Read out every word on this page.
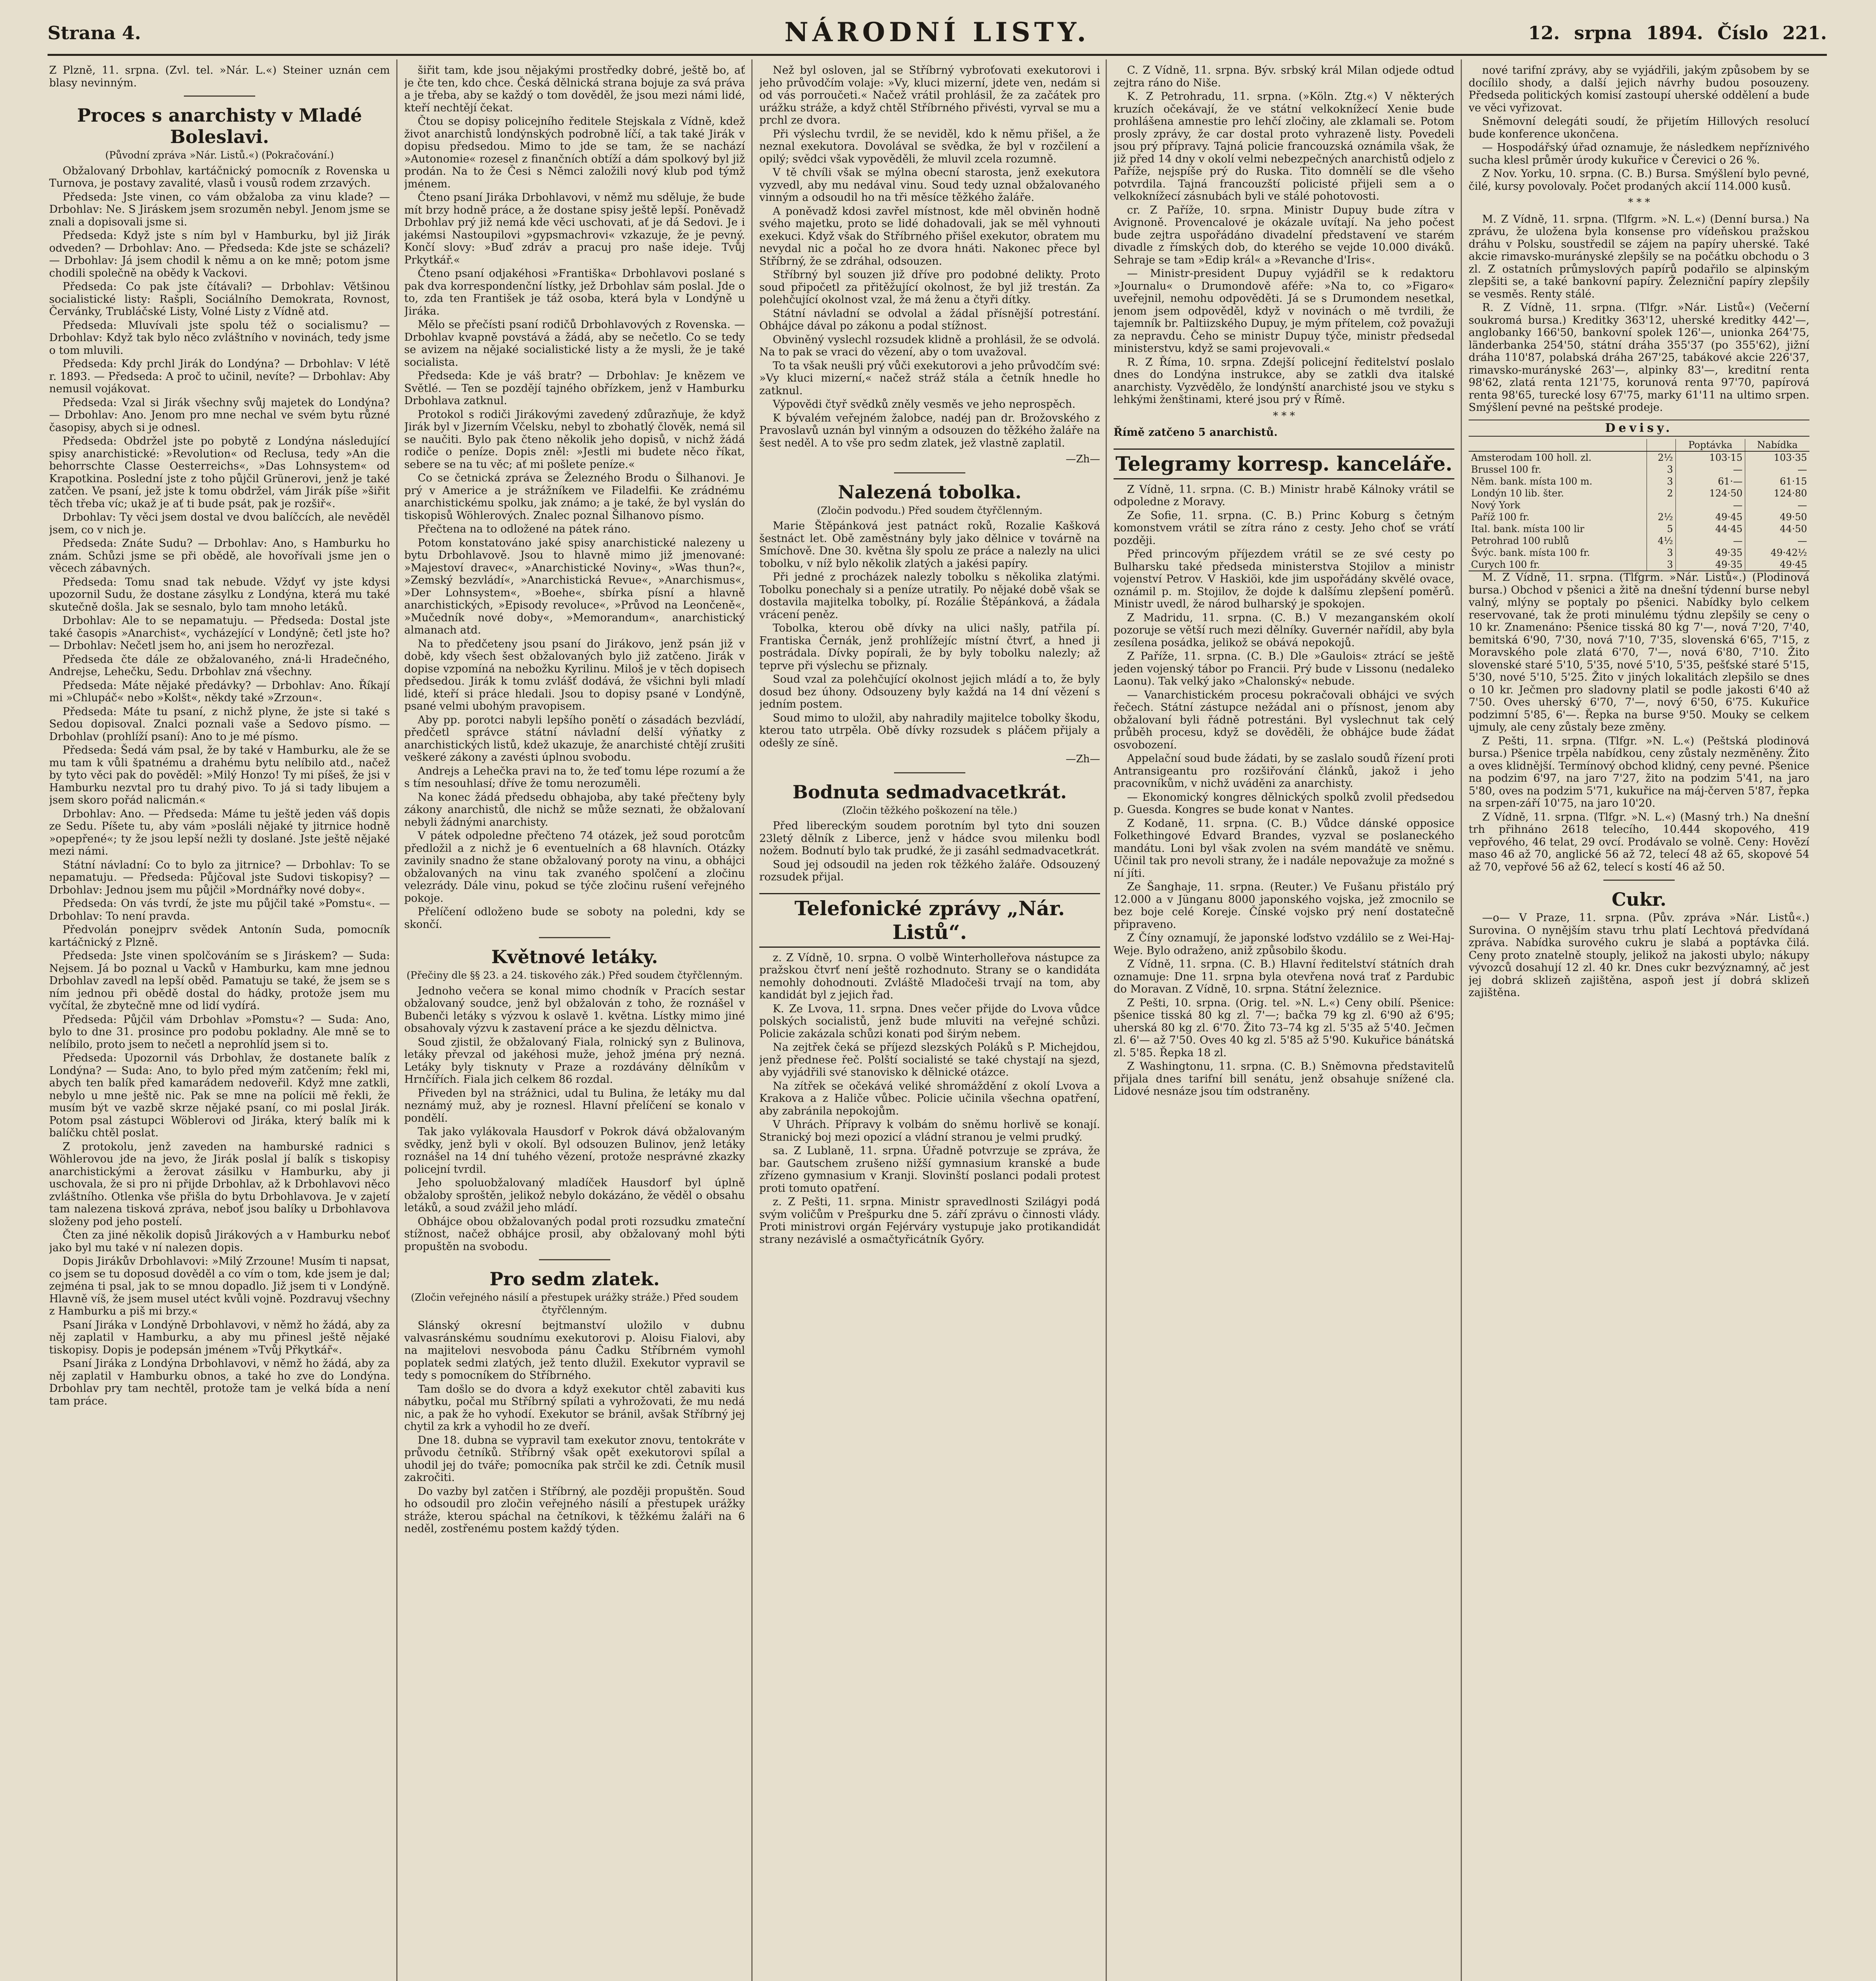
Strana 4.	NÁRODNÍ LISTY.	12. srpna 1894. Číslo 221.

Z Plzně, 11. srpna. (Zvl. tel. »Nár. L.«) Steiner uznán cem blasy nevinným.

Proces s anarchisty v Mladé Boleslavi.
(Původní zpráva »Nár. Listů.«) (Pokračování.)

Obžalovaný Drbohlav, kartáčnický pomocník z Rovenska u Turnova, je postavy zavalité, vlasů i vousů rodem zrzavých.

Předseda: Jste vinen, co vám obžaloba za vinu klade? — Drbohlav: Ne. S Jiráskem jsem srozuměn nebyl. Jenom jsme se znali a dopisovali jsme si.

Předseda: Když jste s ním byl v Hamburku, byl již Jirák odveden? — Drbohlav: Ano. — Předseda: Kde jste se scházeli? — Drbohlav: Já jsem chodil k němu a on ke mně; potom jsme chodili společně na obědy k Vackovi.

Předseda: Co pak jste čítávali? — Drbohlav: Většinou socialistické listy: Rašpli, Sociálního Demokrata, Rovnost, Červánky, Trubláčské Listy, Volné Listy z Vídně atd.

Předseda: Mluvívali jste spolu též o socialismu? — Drbohlav: Když tak bylo něco zvláštního v novinách, tedy jsme o tom mluvili.

Předseda: Kdy prchl Jirák do Londýna? — Drbohlav: V létě r. 1893. — Předseda: A proč to učinil, nevíte? — Drbohlav: Aby nemusil vojákovat.

Předseda: Vzal si Jirák všechny svůj majetek do Londýna? — Drbohlav: Ano. Jenom pro mne nechal ve svém bytu různé časopisy, abych si je odnesl.

Předseda: Obdržel jste po pobytě z Londýna následující spisy anarchistické: »Revolution« od Reclusa, tedy »An die behorrschte Classe Oesterreichs«, »Das Lohnsystem« od Krapotkina. Poslední jste z toho půjčil Grünerovi, jenž je také zatčen. Ve psaní, jež jste k tomu obdržel, vám Jirák píše »šiřit těch třeba víc; ukaž je ať ti bude psát, pak je rozšiř«.

Drbohlav: Ty věci jsem dostal ve dvou balíčcích, ale nevěděl jsem, co v nich je.

Předseda: Znáte Sudu? — Drbohlav: Ano, s Hamburku ho znám. Schůzi jsme se při obědě, ale hovořívali jsme jen o věcech zábavných.

Předseda: Tomu snad tak nebude. Vždyť vy jste kdysi upozornil Sudu, že dostane zásylku z Londýna, která mu také skutečně došla. Jak se sesnalo, bylo tam mnoho letáků.

Drbohlav: Ale to se nepamatuju. — Předseda: Dostal jste také časopis »Anarchist«, vycházející v Londýně; četl jste ho? — Drbohlav: Nečetl jsem ho, ani jsem ho nerozřezal.

Předseda čte dále ze obžalovaného, zná-li Hradečného, Andrejse, Lehečku, Sedu. Drbohlav zná všechny.

Předseda: Máte nějaké předávky? — Drbohlav: Ano. Říkají mi »Chlupáč« nebo »Kolšt«, někdy také »Zrzoun«.

Předseda: Máte tu psaní, z nichž plyne, že jste si také s Sedou dopisoval. Znalci poznali vaše a Sedovo písmo. — Drbohlav (prohlíží psaní): Ano to je mé písmo.

Předseda: Šedá vám psal, že by také v Hamburku, ale že se mu tam k vůli špatnému a drahému bytu nelíbilo atd., načež by tyto věci pak do pověděl: »Milý Honzo! Ty mi píšeš, že jsi v Hamburku nezvtal pro tu drahý pivo. To já si tady libujem a jsem skoro pořád nalicmán.«

Drbohlav: Ano. — Předseda: Máme tu ještě jeden váš dopis ze Sedu. Píšete tu, aby vám »posláli nějaké ty jitrnice hodně »opepřené«; ty že jsou lepší nežli ty doslané. Jste ještě nějaké mezi námi.

Státní návladní: Co to bylo za jitrnice? — Drbohlav: To se nepamatuju. — Předseda: Půjčoval jste Sudovi tiskopisy? — Drbohlav: Jednou jsem mu půjčil »Mordnářky nové doby«.

Předseda: On vás tvrdí, že jste mu půjčil také »Pomstu«. — Drbohlav: To není pravda.

Předvolán ponejprv svědek Antonín Suda, pomocník kartáčnický z Plzně.

Předseda: Jste vinen spolčováním se s Jiráskem? — Suda: Nejsem. Já bo poznal u Vacků v Hamburku, kam mne jednou Drbohlav zavedl na lepší oběd. Pamatuju se také, že jsem se s ním jednou při obědě dostal do hádky, protože jsem mu vyčítal, že zbytečně mne od lidí vydírá.

Předseda: Půjčil vám Drbohlav »Pomstu«? — Suda: Ano, bylo to dne 31. prosince pro podobu pokladny. Ale mně se to nelíbilo, proto jsem to nečetl a neprohlíd jsem si to.

Předseda: Upozornil vás Drbohlav, že dostanete balík z Londýna? — Suda: Ano, to bylo před mým zatčením; řekl mi, abych ten balík před kamarádem nedoveřil. Když mne zatkli, nebylo u mne ještě nic. Pak se mne na polícii mě řekli, že musím být ve vazbě skrze nějaké psaní, co mi poslal Jirák. Potom psal zástupci Wöblerovi od Jiráka, který balík mi k balíčku chtěl poslat.

Z protokolu, jenž zaveden na hamburské radnici s Wöhlerovou jde na jevo, že Jirák poslal jí balík s tiskopisy anarchistickými a žerovat zásilku v Hamburku, aby ji uschovala, že si pro ni přijde Drbohlav, až k Drbohlavovi něco zvláštního. Otlenka vše přišla do bytu Drbohlavova. Je v zajetí tam nalezena tisková zpráva, neboť jsou balíky u Drbohlavova složeny pod jeho postelí.

Čten za jiné několik dopisů Jirákových a v Hamburku neboť jako byl mu také v ní nalezen dopis.

Dopis Jirákův Drbohlavovi: »Milý Zrzoune! Musím ti napsat, co jsem se tu doposud dověděl a co vím o tom, kde jsem je dal; zejména ti psal, jak to se mnou dopadlo. Již jsem ti v Londýně. Hlavně víš, že jsem musel utéct kvůli vojně. Pozdravuj všechny z Hamburku a piš mi brzy.«

Psaní Jiráka v Londýně Drbohlavovi, v němž ho žádá, aby za něj zaplatil v Hamburku, a aby mu přinesl ještě nějaké tiskopisy. Dopis je podepsán jménem »Tvůj Přkytkář«.

Psaní Jiráka z Londýna Drbohlavovi, v němž ho žádá, aby za něj zaplatil v Hamburku obnos, a také ho zve do Londýna. Drbohlav pry tam nechtěl, protože tam je velká bída a není tam práce.

šiřit tam, kde jsou nějakými prostředky dobré, ještě bo, ať je čte ten, kdo chce. Česká dělnická strana bojuje za svá práva a je třeba, aby se každý o tom dověděl, že jsou mezi námi lidé, kteří nechtějí čekat.

Čtou se dopisy policejního ředitele Stejskala z Vídně, kdež život anarchistů londýnských podrobně líčí, a tak také Jirák v dopisu předsedou. Mimo to jde se tam, že se nachází »Autonomie« rozesel z finančních obtíží a dám spolkový byl již prodán. Na to že Česi s Němci založili nový klub pod týmž jménem.

Čteno psaní Jiráka Drbohlavovi, v němž mu sděluje, že bude mít brzy hodně práce, a že dostane spisy ještě lepší. Poněvadž Drbohlav prý již nemá kde věci uschovati, ať je dá Sedovi. Je i jakémsi Nastoupilovi »gypsmachrovi« vzkazuje, že je pevný. Končí slovy: »Buď zdráv a pracuj pro naše ideje. Tvůj Prkytkář.«

Čteno psaní odjakéhosi »Františka« Drbohlavovi poslané s pak dva korrespondenční lístky, jež Drbohlav sám poslal. Jde o to, zda ten František je táž osoba, která byla v Londýně u Jiráka.

Mělo se přečísti psaní rodičů Drbohlavových z Rovenska. — Drbohlav kvapně povstává a žádá, aby se nečetlo. Co se tedy se avizem na nějaké socialistické listy a že mysli, že je také socialista.

Předseda: Kde je váš bratr? — Drbohlav: Je knězem ve Světlé. — Ten se pozdějí tajného obřízkem, jenž v Hamburku Drbohlava zatknul.

Protokol s rodiči Jirákovými zavedený zdůrazňuje, že když Jirák byl v Jizerním Včelsku, nebyl to zbohatlý člověk, nemá sil se naučiti. Bylo pak čteno několik jeho dopisů, v nichž žádá rodiče o peníze. Dopis zněl: »Jestli mi budete něco říkat, sebere se na tu věc; ať mi pošlete peníze.«

Co se četnická zpráva se Železného Brodu o Šilhanovi. Je prý v Americe a je strážníkem ve Filadelfii. Ke zrádnému anarchistickému spolku, jak známo; a je také, že byl vyslán do tiskopisů Wöhlerových. Znalec poznal Šilhanovo písmo.

Přečtena na to odložené na pátek ráno.

Potom konstatováno jaké spisy anarchistické nalezeny u bytu Drbohlavově. Jsou to hlavně mimo již jmenované: »Majestoví dravec«, »Anarchistické Noviny«, »Was thun?«, »Zemský bezvládí«, »Anarchistická Revue«, »Anarchismus«, »Der Lohnsystem«, »Boehe«, sbírka písní a hlavně anarchistických, »Episody revoluce«, »Průvod na Leončeně«, »Mučedník nové doby«, »Memorandum«, anarchistický almanach atd.

Na to předčeteny jsou psaní do Jirákovo, jenž psán již v době, kdy všech šest obžalovaných bylo již zatčeno. Jirák v dopise vzpomíná na nebožku Kyrilinu. Miloš je v těch dopisech předsedou. Jirák k tomu zvlášť dodává, že všichni byli mladí lidé, kteří si práce hledali. Jsou to dopisy psané v Londýně, psané velmi ubohým pravopisem.

Aby pp. porotci nabyli lepšího ponětí o zásadách bezvládí, předčetl správce státní návladní delší výňatky z anarchistických listů, kdež ukazuje, že anarchisté chtějí zrušiti veškeré zákony a zavésti úplnou svobodu.

Andrejs a Lehečka pravi na to, že teď tomu lépe rozumí a že s tím nesouhlasí; dříve že tomu nerozuměli.

Na konec žádá předsedu obhajoba, aby také přečteny byly zákony anarchistů, dle nichž se může seznati, že obžalovaní nebyli žádnými anarchisty.

V pátek odpoledne přečteno 74 otázek, jež soud porotcům předložil a z nichž je 6 eventuelních a 68 hlavních. Otázky zavinily snadno že stane obžalovaný poroty na vinu, a obhájci obžalovaných na vinu tak zvaného spolčení a zločinu velezrády. Dále vinu, pokud se týče zločinu rušení veřejného pokoje.

Přelíčení odloženo bude se soboty na poledni, kdy se skončí.

Květnové letáky.
(Přečiny dle §§ 23. a 24. tiskového zák.) Před soudem čtyřčlenným.

Jednoho večera se konal mimo chodník v Pracích sestar obžalovaný soudce, jenž byl obžalován z toho, že roznášel v Bubenči letáky s výzvou k oslavě 1. května. Lístky mimo jiné obsahovaly výzvu k zastavení práce a ke sjezdu dělnictva.

Soud zjistil, že obžalovaný Fiala, rolnický syn z Bulinova, letáky převzal od jakéhosi muže, jehož jména prý nezná. Letáky byly tisknuty v Praze a rozdávány dělníkům v Hrnčířích. Fiala jich celkem 86 rozdal.

Přiveden byl na strážnici, udal tu Bulina, že letáky mu dal neznámý muž, aby je roznesl. Hlavní přelíčení se konalo v pondělí.

Tak jako vylákovala Hausdorf v Pokrok dává obžalovaným svědky, jenž byli v okolí. Byl odsouzen Bulinov, jenž letáky roznášel na 14 dní tuhého vězení, protože nesprávné zkazky policejní tvrdil.

Jeho spoluobžalovaný mladíček Hausdorf byl úplně obžaloby sproštěn, jelikož nebylo dokázáno, že věděl o obsahu letáků, a soud zvážil jeho mládí.

Obhájce obou obžalovaných podal proti rozsudku zmateční stížnost, načež obhájce prosil, aby obžalovaný mohl býti propuštěn na svobodu.

Pro sedm zlatek.
(Zločin veřejného násilí a přestupek urážky stráže.) Před soudem čtyřčlenným.

Slánský okresní bejtmanství uložilo v dubnu valvasránskému soudnímu exekutorovi p. Aloisu Fialovi, aby na majitelovi nesvoboda pánu Čadku Stříbrném vymohl poplatek sedmi zlatých, jež tento dlužil. Exekutor vypravil se tedy s pomocníkem do Stříbrného.

Tam došlo se do dvora a když exekutor chtěl zabaviti kus nábytku, počal mu Stříbrný spílati a vyhrožovati, že mu nedá nic, a pak že ho vyhodí. Exekutor se bránil, avšak Stříbrný jej chytil za krk a vyhodil ho ze dveří.

Dne 18. dubna se vypravil tam exekutor znovu, tentokráte v průvodu četníků. Stříbrný však opět exekutorovi spílal a uhodil jej do tváře; pomocníka pak strčil ke zdi. Četník musil zakročiti.

Do vazby byl zatčen i Stříbrný, ale později propuštěn. Soud ho odsoudil pro zločin veřejného násilí a přestupek urážky stráže, kterou spáchal na četníkovi, k těžkému žaláři na 6 neděl, zostřenému postem každý týden.

Než byl osloven, jal se Stříbrný vybroťovati exekutorovi i jeho průvodčím volaje: »Vy, kluci mizerní, jdete ven, nedám si od vás porroučeti.« Načež vrátil prohlásil, že za začátek pro urážku stráže, a když chtěl Stříbrného přivésti, vyrval se mu a prchl ze dvora.

Při výslechu tvrdil, že se neviděl, kdo k němu přišel, a že neznal exekutora. Dovolával se svědka, že byl v rozčilení a opilý; svědci však vypověděli, že mluvil zcela rozumně.

V tě chvíli však se mýlna obecní starosta, jenž exekutora vyzvedl, aby mu nedával vinu. Soud tedy uznal obžalovaného vinným a odsoudil ho na tři měsíce těžkého žaláře.

A poněvadž kdosi zavřel místnost, kde měl obviněn hodně svého majetku, proto se lidé dohadovali, jak se měl vyhnouti exekuci. Když však do Stříbrného přišel exekutor, obratem mu nevydal nic a počal ho ze dvora hnáti. Nakonec přece byl Stříbrný, že se zdráhal, odsouzen.

Stříbrný byl souzen již dříve pro podobné delikty. Proto soud připočetl za přitěžující okolnost, že byl již trestán. Za polehčující okolnost vzal, že má ženu a čtyři dítky.

Státní návladní se odvolal a žádal přísnější potrestání. Obhájce dával po zákonu a podal stížnost.

Obviněný vyslechl rozsudek klidně a prohlásil, že se odvolá. Na to pak se vraci do vězení, aby o tom uvažoval.

To ta však neušli prý vůči exekutorovi a jeho průvodčím své: »Vy kluci mizerní,« načež stráž stála a četník hnedle ho zatknul.

Výpovědi čtyř svědků zněly vesměs ve jeho neprospěch.

K bývalém veřejném žalobce, nadéj pan dr. Brožovského z Pravoslavů uznán byl vinným a odsouzen do těžkého žaláře na šest neděl. A to vše pro sedm zlatek, jež vlastně zaplatil.

—Zh—
Nalezená tobolka.
(Zločin podvodu.) Před soudem čtyřčlenným.

Marie Štěpánková jest patnáct roků, Rozalie Kašková šestnáct let. Obě zaměstnány byly jako dělnice v továrně na Smíchově. Dne 30. května šly spolu ze práce a nalezly na ulici tobolku, v níž bylo několik zlatých a jakési papíry.

Při jedné z procházek nalezly tobolku s několika zlatými. Tobolku ponechaly si a peníze utratily. Po nějaké době však se dostavila majitelka tobolky, pí. Rozálie Štěpánková, a žádala vrácení peněz.

Tobolka, kterou obě dívky na ulici našly, patřila pí. Frantiska Černák, jenž prohlížejíc místní čtvrť, a hned ji postrádala. Dívky popírali, že by byly tobolku nalezly; až teprve při výslechu se přiznaly.

Soud vzal za polehčující okolnost jejich mládí a to, že byly dosud bez úhony. Odsouzeny byly každá na 14 dní vězení s jedním postem.

Soud mimo to uložil, aby nahradily majitelce tobolky škodu, kterou tato utrpěla. Obě dívky rozsudek s pláčem přijaly a odešly ze síně.

—Zh—
Bodnuta sedmadvacetkrát.
(Zločin těžkého poškození na těle.)

Před libereckým soudem porotním byl tyto dni souzen 23letý dělník z Liberce, jenž v hádce svou milenku bodl nožem. Bodnutí bylo tak prudké, že ji zasáhl sedmadvacetkrát.

Soud jej odsoudil na jeden rok těžkého žaláře. Odsouzený rozsudek přijal.

Telefonické zprávy „Nár. Listů“.

z. Z Vídně, 10. srpna. O volbě Winterholleřova nástupce za pražskou čtvrť není ještě rozhodnuto. Strany se o kandidáta nemohly dohodnouti. Zvláště Mladočeši trvají na tom, aby kandidát byl z jejich řad.

K. Ze Lvova, 11. srpna. Dnes večer přijde do Lvova vůdce polských socialistů, jenž bude mluviti na veřejné schůzi. Policie zakázala schůzi konati pod širým nebem.

Na zejtřek čeká se příjezd slezských Poláků s P. Michejdou, jenž přednese řeč. Polští socialisté se také chystají na sjezd, aby vyjádřili své stanovisko k dělnické otázce.

Na zítřek se očekává veliké shromáždění z okolí Lvova a Krakova a z Haliče vůbec. Policie učinila všechna opatření, aby zabránila nepokojům.

V Uhrách. Přípravy k volbám do sněmu horlivě se konají. Stranický boj mezi opozicí a vládní stranou je velmi prudký.

sa. Z Lublaně, 11. srpna. Úřadně potvrzuje se zpráva, že bar. Gautschem zrušeno nižší gymnasium kranské a bude zřízeno gymnasium v Kranji. Slovinští poslanci podali protest proti tomuto opatření.

z. Z Pešti, 11. srpna. Ministr spravedlnosti Szilágyi podá svým voličům v Prešpurku dne 5. září zprávu o činnosti vlády. Proti ministrovi orgán Fejérváry vystupuje jako protikandidát strany nezávislé a osmačtyřicátník Győry.

C. Z Vídně, 11. srpna. Býv. srbský král Milan odjede odtud zejtra ráno do Niše.

K. Z Petrohradu, 11. srpna. (»Köln. Ztg.«) V některých kruzích očekávají, že ve státní velkoknížecí Xenie bude prohlášena amnestie pro lehčí zločiny, ale zklamali se. Potom prosly zprávy, že car dostal proto vyhrazeně listy. Povedeli jsou prý přípravy. Tajná policie francouzská oznámila však, že již před 14 dny v okolí velmi nebezpečných anarchistů odjelo z Paříže, nejspíše prý do Ruska. Tito domnělí se dle všeho potvrdila. Tajná francouzští policisté přijeli sem a o velkoknížecí zásnubách byli ve stálé pohotovosti.

cr. Z Paříže, 10. srpna. Ministr Dupuy bude zítra v Avignoně. Provencalové je okázale uvítají. Na jeho počest bude zejtra uspořádáno divadelní představení ve starém divadle z římských dob, do kterého se vejde 10.000 diváků. Sehraje se tam »Edip král« a »Revanche d'Iris«.

— Ministr-president Dupuy vyjádřil se k redaktoru »Journalu« o Drumondově aféře: »Na to, co »Figaro« uveřejnil, nemohu odpověděti. Já se s Drumondem nesetkal, jenom jsem odpověděl, když v novinách o mě tvrdili, že tajemník br. Paltiizského Dupuy, je mým přítelem, což považuji za nepravdu. Čeho se ministr Dupuy týče, ministr předsedal ministerstvu, když se sami projevovali.«

R. Z Říma, 10. srpna. Zdejší policejní ředitelství poslalo dnes do Londýna instrukce, aby se zatkli dva italské anarchisty. Vyzvědělo, že londýnští anarchisté jsou ve styku s lehkými ženštinami, které jsou prý v Římě.

* * *

Římě zatčeno 5 anarchistů.

Telegramy korresp. kanceláře.

Z Vídně, 11. srpna. (C. B.) Ministr hrabě Kálnoky vrátil se odpoledne z Moravy.

Ze Sofie, 11. srpna. (C. B.) Princ Koburg s četným komonstvem vrátil se zítra ráno z cesty. Jeho choť se vrátí později.

Před princovým příjezdem vrátil se ze své cesty po Bulharsku také předseda ministerstva Stojilov a ministr vojenství Petrov. V Haskiöi, kde jim uspořádány skvělé ovace, oznámil p. m. Stojilov, že dojde k dalšímu zlepšení poměrů. Ministr uvedl, že národ bulharský je spokojen.

Z Madridu, 11. srpna. (C. B.) V mezanganském okolí pozoruje se větší ruch mezi dělníky. Guvernér nařídil, aby byla zesílena posádka, jelikož se obává nepokojů.

Z Paříže, 11. srpna. (C. B.) Dle »Gaulois« ztrácí se ještě jeden vojenský tábor po Francii. Prý bude v Lissonu (nedaleko Laonu). Tak velký jako »Chalonský« nebude.

— Vanarchistickém procesu pokračovali obhájci ve svých řečech. Státní zástupce nežádal ani o přísnost, jenom aby obžalovaní byli řádně potrestáni. Byl vyslechnut tak celý průběh procesu, když se dověděli, že obhájce bude žádat osvobození.

Appelační soud bude žádati, by se zaslalo soudů řízení proti Antransigeantu pro rozšiřování článků, jakož i jeho pracovníkům, v nichž uváděni za anarchisty.

— Ekonomický kongres dělnických spolků zvolil předsedou p. Guesda. Kongres se bude konat v Nantes.

Z Kodaně, 11. srpna. (C. B.) Vůdce dánské opposice Folkethingové Edvard Brandes, vyzval se poslaneckého mandátu. Loni byl však zvolen na svém mandátě ve sněmu. Učinil tak pro nevoli strany, že i nadále nepovažuje za možné s ní jíti.

Ze Šanghaje, 11. srpna. (Reuter.) Ve Fušanu přistálo prý 12.000 a v Jünganu 8000 japonského vojska, jež zmocnilo se bez boje celé Koreje. Čínské vojsko prý není dostatečně připraveno.

Z Číny oznamují, že japonské loďstvo vzdálilo se z Wei-Haj-Weje. Bylo odraženo, aniž způsobilo škodu.

Z Vídně, 11. srpna. (C. B.) Hlavní ředitelství státních drah oznamuje: Dne 11. srpna byla otevřena nová trať z Pardubic do Moravan. Z Vídně, 10. srpna. Státní železnice.

Z Pešti, 10. srpna. (Orig. tel. »N. L.«) Ceny obilí. Pšenice: pšenice tisská 80 kg zl. 7'—; bačka 79 kg zl. 6'90 až 6'95; uherská 80 kg zl. 6'70. Žito 73–74 kg zl. 5'35 až 5'40. Ječmen zl. 6'— až 7'50. Oves 40 kg zl. 5'85 až 5'90. Kukuřice bánátská zl. 5'85. Řepka 18 zl.

Z Washingtonu, 11. srpna. (C. B.) Sněmovna představitelů přijala dnes tarifní bill senátu, jenž obsahuje snížené cla. Lidové nesnáze jsou tím odstraněny.

nové tarifní zprávy, aby se vyjádřili, jakým způsobem by se docílilo shody, a další jejich návrhy budou posouzeny. Předseda politických komisí zastoupí uherské oddělení a bude ve věci vyřizovat.

Sněmovní delegáti soudí, že přijetím Hillových resolucí bude konference ukončena.

— Hospodářský úřad oznamuje, že následkem nepříznivého sucha klesl průměr úrody kukuřice v Čerevici o 26 %.

Z Nov. Yorku, 10. srpna. (C. B.) Bursa. Smýšlení bylo pevné, čilé, kursy povolovaly. Počet prodaných akcií 114.000 kusů.

* * *

M. Z Vídně, 11. srpna. (Tlfgrm. »N. L.«) (Denní bursa.) Na zprávu, že uložena byla konsense pro vídeňskou pražskou dráhu v Polsku, soustředil se zájem na papíry uherské. Také akcie rimavsko-murányské zlepšily se na počátku obchodu o 3 zl. Z ostatních průmyslových papírů podařilo se alpinským zlepšiti se, a také bankovní papíry. Železniční papíry zlepšily se vesměs. Renty stálé.

R. Z Vídně, 11. srpna. (Tlfgr. »Nár. Listů«) (Večerní soukromá bursa.) Kreditky 363'12, uherské kreditky 442'—, anglobanky 166'50, bankovní spolek 126'—, unionka 264'75, länderbanka 254'50, státní dráha 355'37 (po 355'62), jižní dráha 110'87, polabská dráha 267'25, tabákové akcie 226'37, rimavsko-murányské 263'—, alpinky 83'—, kreditní renta 98'62, zlatá renta 121'75, korunová renta 97'70, papírová renta 98'65, turecké losy 67'75, marky 61'11 na ultimo srpen. Smýšlení pevné na peštské prodeje.

Devisy.
		Poptávka	Nabídka
Amsterodam 100 holl. zl.	2½	103·15	103·35
Brussel 100 fr.	3	—	—
Něm. bank. místa 100 m.	3	61·—	61·15
Londýn 10 lib. šter.	2	124·50	124·80
Nový York		—	—
Paříž 100 fr.	2½	49·45	49·50
Ital. bank. místa 100 lir	5	44·45	44·50
Petrohrad 100 rublů	4½	—	—
Švýc. bank. místa 100 fr.	3	49·35	49·42½
Curych 100 fr.	3	49·35	49·45

M. Z Vídně, 11. srpna. (Tlfgrm. »Nár. Listů«.) (Plodinová bursa.) Obchod v pšenici a žitě na dnešní týdenní burse nebyl valný, mlýny se poptaly po pšenici. Nabídky bylo celkem reservované, tak že proti minulému týdnu zlepšily se ceny o 10 kr. Znamenáno: Pšenice tisská 80 kg 7'—, nová 7'20, 7'40, bemitská 6'90, 7'30, nová 7'10, 7'35, slovenská 6'65, 7'15, z Moravského pole zlatá 6'70, 7'—, nová 6'80, 7'10. Žito slovenské staré 5'10, 5'35, nové 5'10, 5'35, pešťské staré 5'15, 5'30, nové 5'10, 5'25. Žito v jiných lokalitách zlepšilo se dnes o 10 kr. Ječmen pro sladovny platil se podle jakosti 6'40 až 7'50. Oves uherský 6'70, 7'—, nový 6'50, 6'75. Kukuřice podzimní 5'85, 6'—. Řepka na burse 9'50. Mouky se celkem ujmuly, ale ceny zůstaly beze změny.

Z Pešti, 11. srpna. (Tlfgr. »N. L.«) (Peštská plodinová bursa.) Pšenice trpěla nabídkou, ceny zůstaly nezměněny. Žito a oves klidnější. Termínový obchod klidný, ceny pevné. Pšenice na podzim 6'97, na jaro 7'27, žito na podzim 5'41, na jaro 5'80, oves na podzim 5'71, kukuřice na máj-červen 5'87, řepka na srpen-září 10'75, na jaro 10'20.

Z Vídně, 11. srpna. (Tlfgr. »N. L.«) (Masný trh.) Na dnešní trh přihnáno 2618 telecího, 10.444 skopového, 419 vepřového, 46 telat, 29 ovcí. Prodávalo se volně. Ceny: Hovězí maso 46 až 70, anglické 56 až 72, telecí 48 až 65, skopové 54 až 70, vepřové 56 až 62, telecí s kostí 46 až 50.

Cukr.

—o— V Praze, 11. srpna. (Pův. zpráva »Nár. Listů«.) Surovina. O nynějším stavu trhu platí Lechtová předvídaná zpráva. Nabídka surového cukru je slabá a poptávka čilá. Ceny proto znatelně stouply, jelikož na jakosti ubylo; nákupy vývozců dosahují 12 zl. 40 kr. Dnes cukr bezvýznamný, ač jest jej dobrá sklizeň zajištěna, aspoň jest jí dobrá sklizeň zajištěna.
